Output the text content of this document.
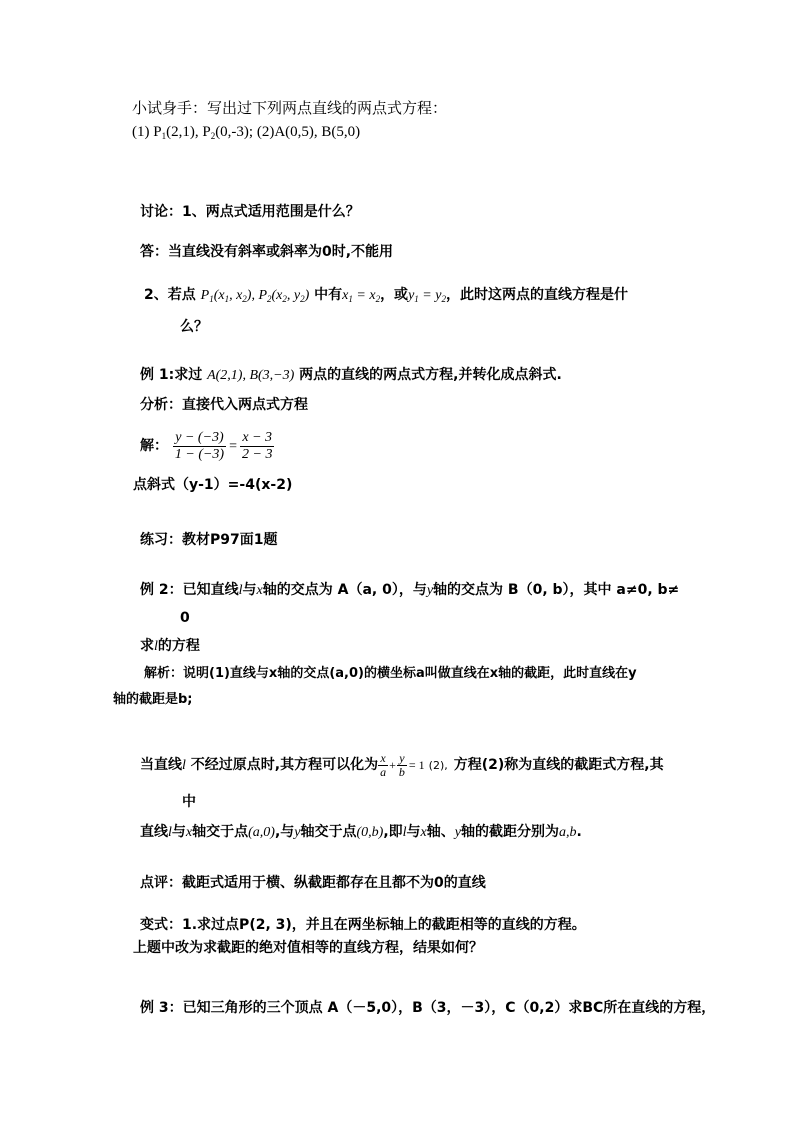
小试身手：写出过下列两点直线的两点式方程：
(1) $P_1(2,1)$, $P_2(0,-3)$; (2)A(0,5), B(5,0)
讨论：1、两点式适用范围是什么？
答：当直线没有斜率或斜率为0时,不能用
2、若点 $P_1(x_1$, $x_2$), $P_2(x_2$, $y_2$) 中有$x_1 = x_2$，或$y_1 = y_2$，此时这两点的直线方程是什
么？
例 1:求过 A(2,1), B(3,−3) 两点的直线的两点式方程,并转化成点斜式.
分析：直接代入两点式方程
解： $\frac{y - (-3)}{1 - (-3)} = \frac{x - 3}{2 - 3}$
点斜式（y-1）=-4(x-2)
练习：教材P97面1题
例 2：已知直线l与x轴的交点为 A（a, 0），与y轴的交点为 B（0, b），其中 a≠0, b≠
0
求l的方程
解析：说明(1)直线与x轴的交点(a,0)的横坐标a叫做直线在x轴的截距，此时直线在y
轴的截距是b;
当直线l 不经过原点时,其方程可以化为 $\frac{x}{a} + \frac{y}{b} = 1$ (2), 方程(2)称为直线的截距式方程,其
中
直线l与x轴交于点(a,0),与y轴交于点(0,b),即l与x轴、y轴的截距分别为a,b.
点评：截距式适用于横、纵截距都存在且都不为0的直线
变式：1.求过点P(2, 3)，并且在两坐标轴上的截距相等的直线的方程。
上题中改为求截距的绝对值相等的直线方程，结果如何？
例 3：已知三角形的三个顶点 A（－5,0），B（3，－3），C（0,2）求BC所在直线的方程，
